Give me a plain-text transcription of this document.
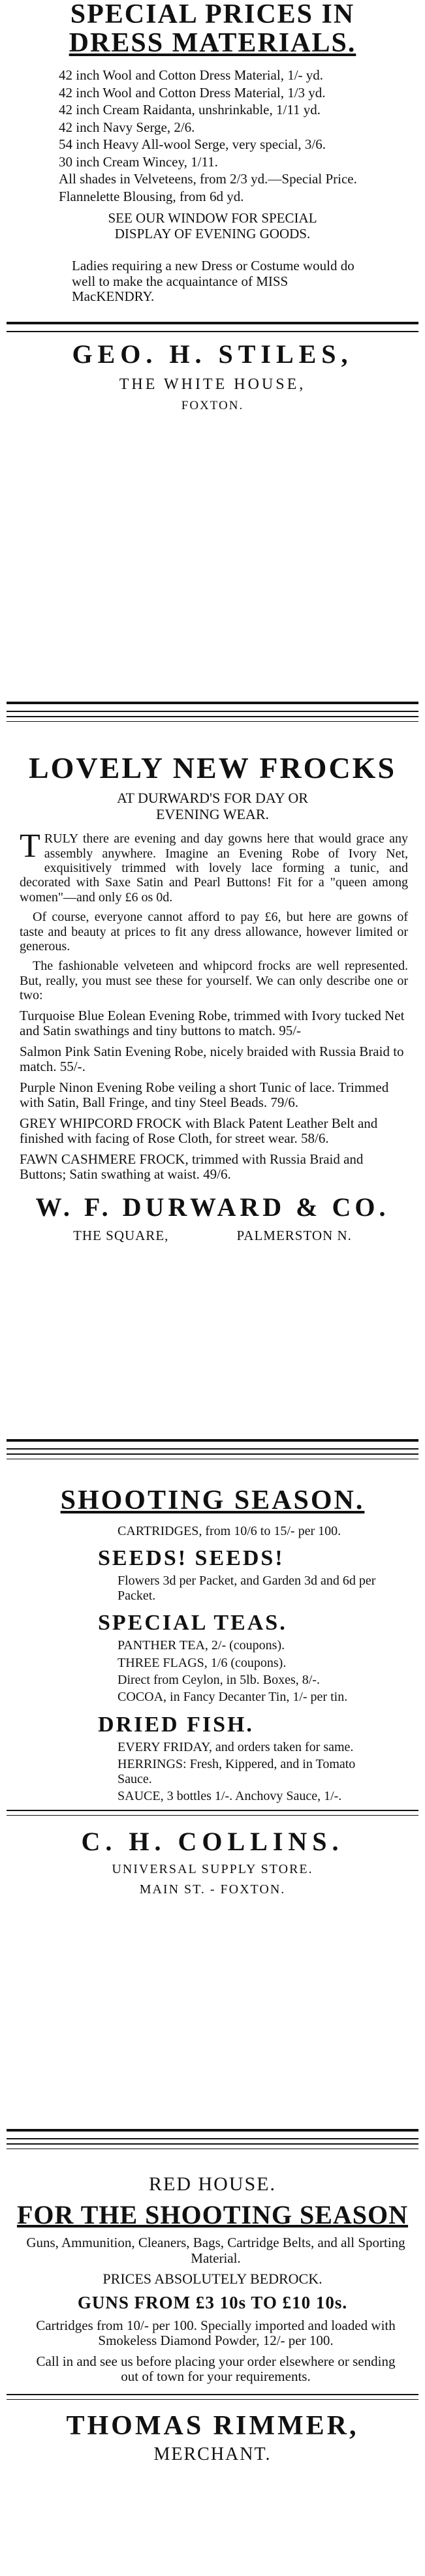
SPECIAL PRICES IN
DRESS MATERIALS.

42 inch Wool and Cotton Dress Material, 1/- yd.

42 inch Wool and Cotton Dress Material, 1/3 yd.

42 inch Cream Raidanta, unshrinkable, 1/11 yd.

42 inch Navy Serge, 2/6.

54 inch Heavy All-wool Serge, very special, 3/6.

30 inch Cream Wincey, 1/11.

All shades in Velveteens, from 2/3 yd.—Special Price.

Flannelette Blousing, from 6d yd.

SEE OUR WINDOW FOR SPECIAL

DISPLAY OF EVENING GOODS.

Ladies requiring a new Dress or Costume would do well to make the acquaintance of MISS MacKENDRY.

GEO. H. STILES,
THE WHITE HOUSE,
FOXTON.
LOVELY NEW FROCKS

AT DURWARD'S FOR DAY OR

EVENING WEAR.

TRULY there are evening and day gowns here that would grace any assembly anywhere. Imagine an Evening Robe of Ivory Net, exquisitively trimmed with lovely lace forming a tunic, and decorated with Saxe Satin and Pearl Buttons! Fit for a "queen among women"—and only £6 os 0d.

Of course, everyone cannot afford to pay £6, but here are gowns of taste and beauty at prices to fit any dress allowance, however limited or generous.

The fashionable velveteen and whipcord frocks are well represented. But, really, you must see these for yourself. We can only describe one or two:

Turquoise Blue Eolean Evening Robe, trimmed with Ivory tucked Net and Satin swathings and tiny buttons to match. 95/-

Salmon Pink Satin Evening Robe, nicely braided with Russia Braid to match. 55/-.

Purple Ninon Evening Robe veiling a short Tunic of lace. Trimmed with Satin, Ball Fringe, and tiny Steel Beads. 79/6.

GREY WHIPCORD FROCK with Black Patent Leather Belt and finished with facing of Rose Cloth, for street wear. 58/6.

FAWN CASHMERE FROCK, trimmed with Russia Braid and Buttons; Satin swathing at waist. 49/6.

W. F. DURWARD & CO.
THE SQUARE,	PALMERSTON N.
SHOOTING SEASON.

CARTRIDGES, from 10/6 to 15/- per 100.

SEEDS! SEEDS!

Flowers 3d per Packet, and Garden 3d and 6d per Packet.

SPECIAL TEAS.

PANTHER TEA, 2/- (coupons).

THREE FLAGS, 1/6 (coupons).

Direct from Ceylon, in 5lb. Boxes, 8/-.

COCOA, in Fancy Decanter Tin, 1/- per tin.

DRIED FISH.

EVERY FRIDAY, and orders taken for same.

HERRINGS: Fresh, Kippered, and in Tomato Sauce.

SAUCE, 3 bottles 1/-. Anchovy Sauce, 1/-.

C. H. COLLINS.
UNIVERSAL SUPPLY STORE.
MAIN ST. - FOXTON.
RED HOUSE.
FOR THE SHOOTING SEASON

Guns, Ammunition, Cleaners, Bags, Cartridge Belts, and all Sporting Material.

PRICES ABSOLUTELY BEDROCK.

GUNS FROM £3 10s TO £10 10s.

Cartridges from 10/- per 100. Specially imported and loaded with Smokeless Diamond Powder, 12/- per 100.

Call in and see us before placing your order elsewhere or sending out of town for your requirements.

THOMAS RIMMER,
MERCHANT.
